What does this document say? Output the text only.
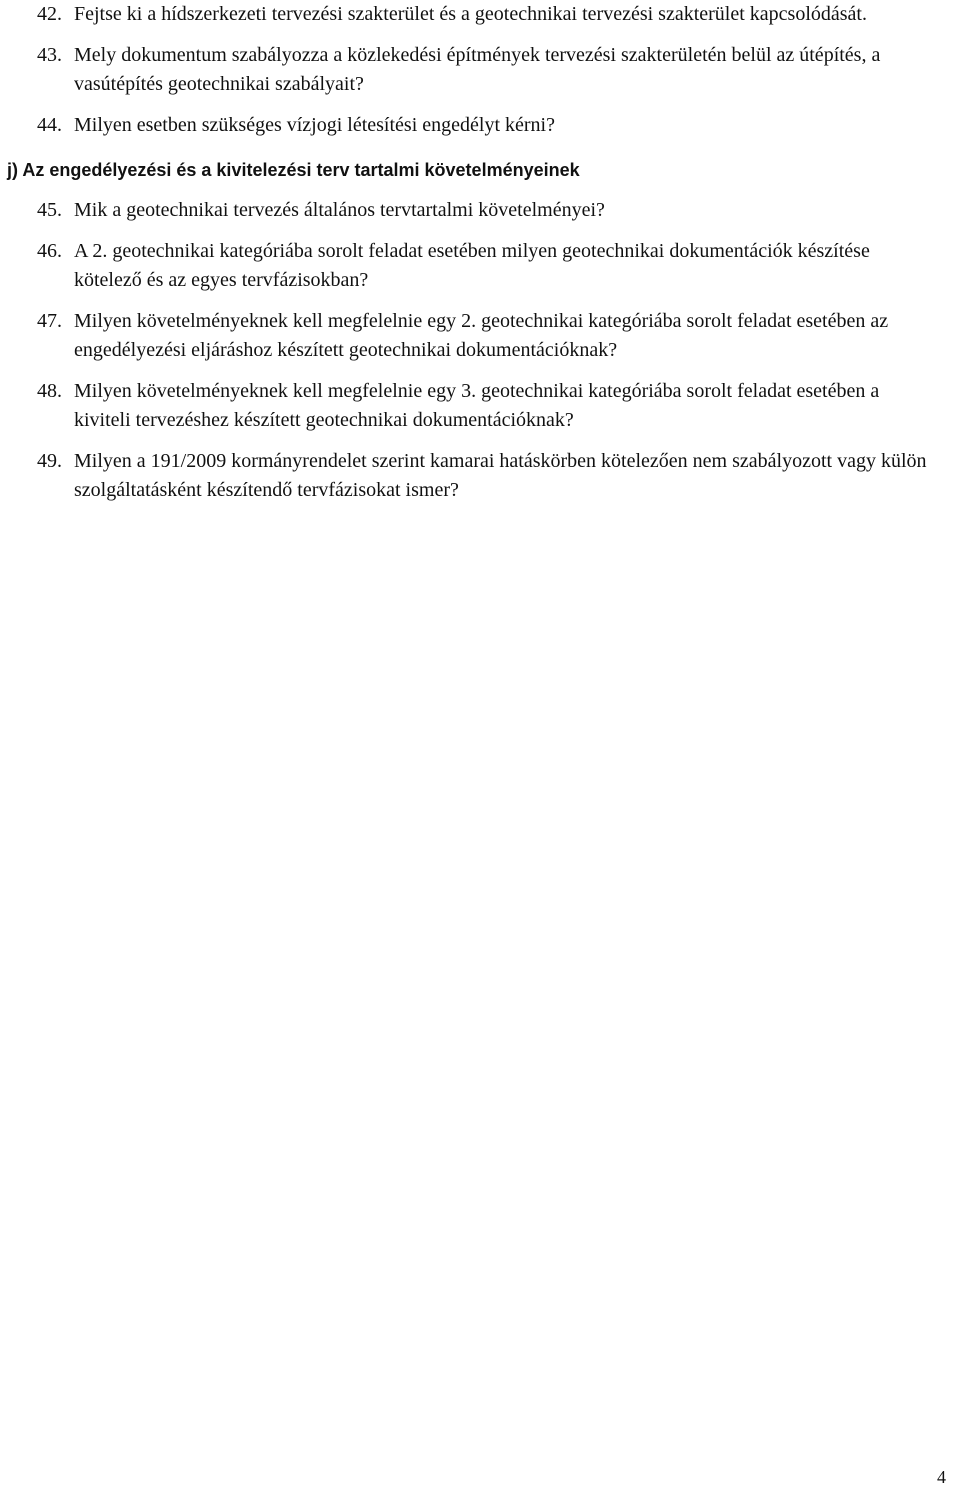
42. Fejtse ki a hídszerkezeti tervezési szakterület és a geotechnikai tervezési szakterület kapcsolódását.
43. Mely dokumentum szabályozza a közlekedési építmények tervezési szakterületén belül az útépítés, a vasútépítés geotechnikai szabályait?
44. Milyen esetben szükséges vízjogi létesítési engedélyt kérni?
j) Az engedélyezési és a kivitelezési terv tartalmi követelményeinek
45. Mik a geotechnikai tervezés általános tervtartalmi követelményei?
46. A 2. geotechnikai kategóriába sorolt feladat esetében milyen geotechnikai dokumentációk készítése kötelező és az egyes tervfázisokban?
47. Milyen követelményeknek kell megfelelnie egy 2. geotechnikai kategóriába sorolt feladat esetében az engedélyezési eljáráshoz készített geotechnikai dokumentációknak?
48. Milyen követelményeknek kell megfelelnie egy 3. geotechnikai kategóriába sorolt feladat esetében a kiviteli tervezéshez készített geotechnikai dokumentációknak?
49. Milyen a 191/2009 kormányrendelet szerint kamarai hatáskörben kötelezően nem szabályozott vagy külön szolgáltatásként készítendő tervfázisokat ismer?
4
